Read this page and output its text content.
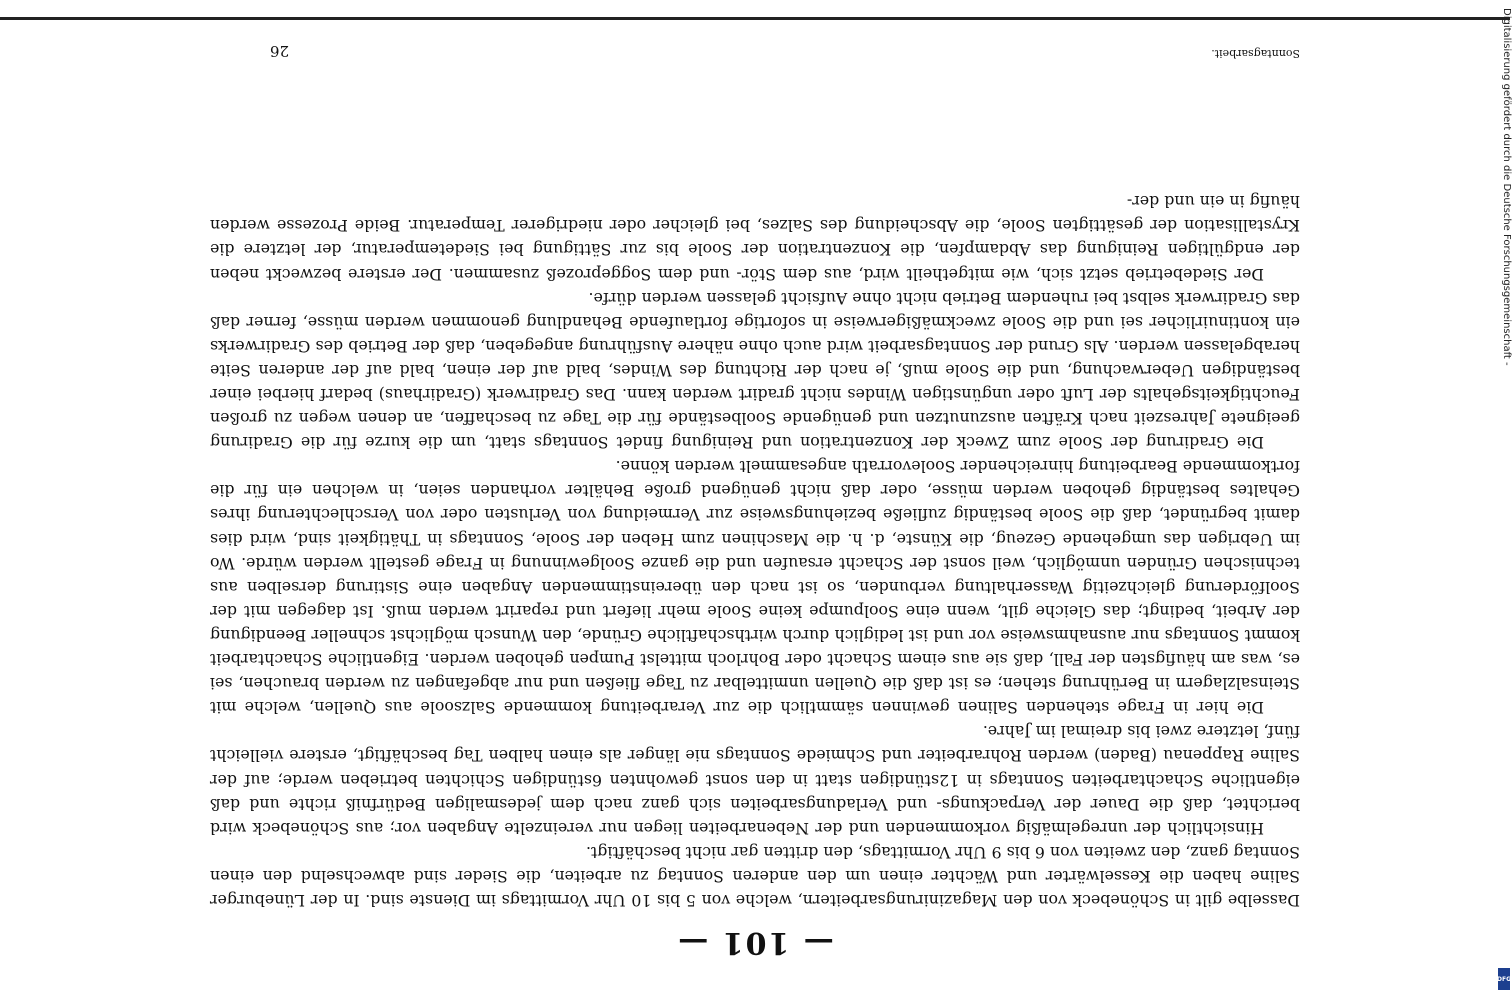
— 101 —

Dasselbe gilt in Schönebeck von den Magazinirungsarbeitern, welche von 5 bis 10 Uhr Vormittags im Dienste sind. In der Lüneburger Saline haben die Kesselwärter und Wächter einen um den anderen Sonntag zu arbeiten, die Sieder sind abwechselnd den einen Sonntag ganz, den zweiten von 6 bis 9 Uhr Vormittags, den dritten gar nicht beschäftigt.

Hinsichtlich der unregelmäßig vorkommenden und der Nebenarbeiten liegen nur vereinzelte Angaben vor; aus Schönebeck wird berichtet, daß die Dauer der Verpackungs- und Verladungsarbeiten sich ganz nach dem jedesmaligen Bedürfniß richte und daß eigentliche Schachtarbeiten Sonntags in 12stündigen statt in den sonst gewohnten 6stündigen Schichten betrieben werde; auf der Saline Rappenau (Baden) werden Rohrarbeiter und Schmiede Sonntags nie länger als einen halben Tag beschäftigt, erstere vielleicht fünf, letztere zwei bis dreimal im Jahre.

Die hier in Frage stehenden Salinen gewinnen sämmtlich die zur Verarbeitung kommende Salzsoole aus Quellen, welche mit Steinsalzlagern in Berührung stehen; es ist daß die Quellen unmittelbar zu Tage fließen und nur abgefangen zu werden brauchen, sei es, was am häufigsten der Fall, daß sie aus einem Schacht oder Bohrloch mittelst Pumpen gehoben werden. Eigentliche Schachtarbeit kommt Sonntags nur ausnahmsweise vor und ist lediglich durch wirthschaftliche Gründe, den Wunsch möglichst schneller Beendigung der Arbeit, bedingt; das Gleiche gilt, wenn eine Soolpumpe keine Soole mehr liefert und reparirt werden muß. Ist dagegen mit der Soolförderung gleichzeitig Wasserhaltung verbunden, so ist nach den übereinstimmenden Angaben eine Sistirung derselben aus technischen Gründen unmöglich, weil sonst der Schacht ersaufen und die ganze Soolgewinnung in Frage gestellt werden würde. Wo im Uebrigen das umgehende Gezeug, die Künste, d. h. die Maschinen zum Heben der Soole, Sonntags in Thätigkeit sind, wird dies damit begründet, daß die Soole beständig zufließe beziehungsweise zur Vermeidung von Verlusten oder von Verschlechterung ihres Gehaltes beständig gehoben werden müsse, oder daß nicht genügend große Behälter vorhanden seien, in welchen ein für die fortkommende Bearbeitung hinreichender Soolevorrath angesammelt werden könne.

Die Gradirung der Soole zum Zweck der Konzentration und Reinigung findet Sonntags statt, um die kurze für die Gradirung geeignete Jahreszeit nach Kräften auszunutzen und genügende Soolbestände für die Tage zu beschaffen, an denen wegen zu großen Feuchtigkeitsgehalts der Luft oder ungünstigen Windes nicht gradirt werden kann. Das Gradirwerk (Gradirhaus) bedarf hierbei einer beständigen Ueberwachung, und die Soole muß, je nach der Richtung des Windes, bald auf der einen, bald auf der anderen Seite herabgelassen werden. Als Grund der Sonntagsarbeit wird auch ohne nähere Ausführung angegeben, daß der Betrieb des Gradirwerks ein kontinuirlicher sei und die Soole zweckmäßigerweise in sofortige fortlaufende Behandlung genommen werden müsse, ferner daß das Gradirwerk selbst bei ruhendem Betrieb nicht ohne Aufsicht gelassen werden dürfe.

Der Siedebetrieb setzt sich, wie mitgetheilt wird, aus dem Stör- und dem Soggeprozeß zusammen. Der erstere bezweckt neben der endgültigen Reinigung das Abdampfen, die Konzentration der Soole bis zur Sättigung bei Siedetemperatur, der letztere die Krystallisation der gesättigten Soole, die Abscheidung des Salzes, bei gleicher oder niedrigerer Temperatur. Beide Prozesse werden häufig in ein und der-

Sonntagsarbeit.
26	Digitalisierung gefördert durch die Deutsche Forschungsgemeinschaft -
DFG
